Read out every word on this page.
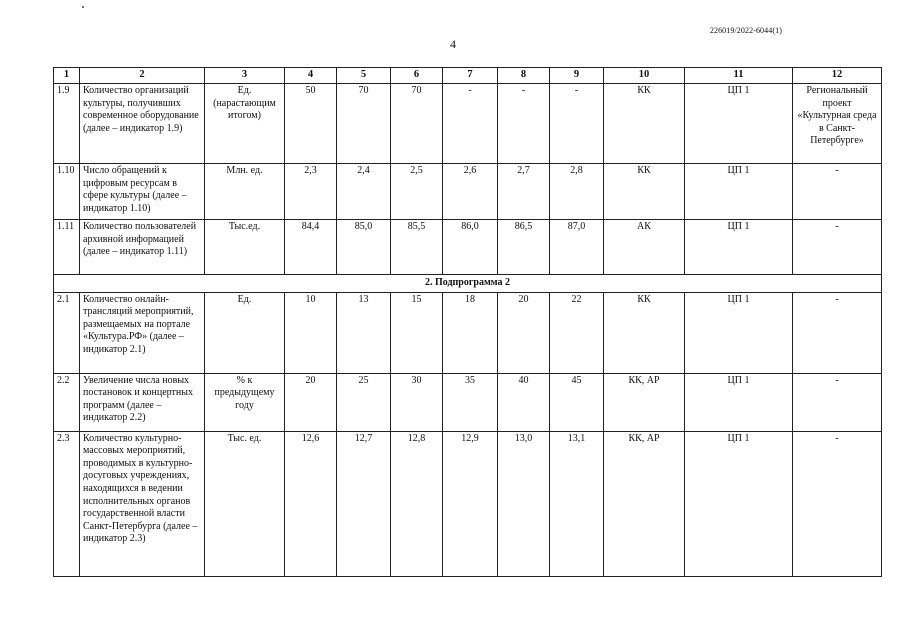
226019/2022-6044(1)
4
1	2	3	4	5	6	7	8	9	10	11	12
1.9	Количество организаций культуры, получивших современное оборудование (далее – индикатор 1.9)	Ед. (нарастающим итогом)	50	70	70	-	-	-	КК	ЦП 1	Региональный проект «Культурная среда в Санкт-Петербурге»
1.10	Число обращений к цифровым ресурсам в сфере культуры (далее – индикатор 1.10)	Млн. ед.	2,3	2,4	2,5	2,6	2,7	2,8	КК	ЦП 1	-
1.11	Количество пользователей архивной информацией (далее – индикатор 1.11)	Тыс.ед.	84,4	85,0	85,5	86,0	86,5	87,0	АК	ЦП 1	-
2. Подпрограмма 2											
2.1	Количество онлайн-трансляций мероприятий, размещаемых на портале «Культура.РФ» (далее – индикатор 2.1)	Ед.	10	13	15	18	20	22	КК	ЦП 1	-
2.2	Увеличение числа новых постановок и концертных программ (далее – индикатор 2.2)	% к предыдущему году	20	25	30	35	40	45	КК, АР	ЦП 1	-
2.3	Количество культурно-массовых мероприятий, проводимых в культурно-досуговых учреждениях, находящихся в ведении исполнительных органов государственной власти Санкт-Петербурга (далее – индикатор 2.3)	Тыс. ед.	12,6	12,7	12,8	12,9	13,0	13,1	КК, АР	ЦП 1	-
